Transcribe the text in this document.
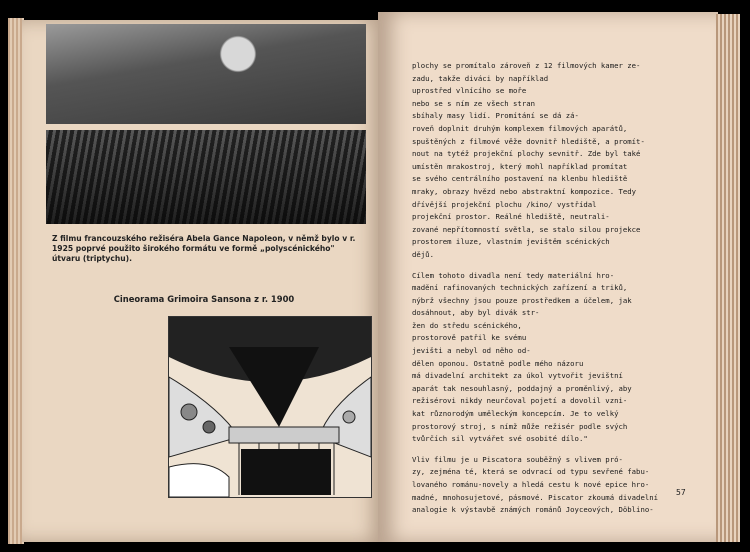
Z filmu francouzského režiséra Abela Gance Napoleon, v němž bylo v r. 1925 poprvé použito širokého formátu ve formě „polyscénického" útvaru (triptychu).
Cineorama Grimoira Sansona z r. 1900

plochy se promítalo zároveň z 12 filmových kamer ze-

zadu, takže diváci by například

uprostřed vlnícího se moře

nebo se s ním ze všech stran

sbíhaly masy lidí. Promítání se dá zá-

roveň doplnit druhým komplexem filmových aparátů,

spuštěných z filmové věže dovnitř hlediště, a promít-

nout na tytéž projekční plochy sevnitř. Zde byl také

umístěn mrakostroj, který mohl například promítat

se svého centrálního postavení na klenbu hlediště

mraky, obrazy hvězd nebo abstraktní kompozice. Tedy

dřívější projekční plochu /kino/ vystřídal

projekční prostor. Reálné hlediště, neutrali-

zované nepřítomností světla, se stalo silou projekce

prostorem iluze, vlastním jevištěm scénických

dějů.

Cílem tohoto divadla není tedy materiální hro-

madění rafinovaných technických zařízení a triků,

nýbrž všechny jsou pouze prostředkem a účelem, jak

dosáhnout, aby byl divák str-

žen do středu scénického,

prostorově patřil ke svému

jevišti a nebyl od něho od-

dělen oponou. Ostatně podle mého názoru

má divadelní architekt za úkol vytvořit jevištní

aparát tak nesouhlasný, poddajný a proměnlivý, aby

režisérovi nikdy neurčoval pojetí a dovolil vzni-

kat různorodým uměleckým koncepcím. Je to velký

prostorový stroj, s nímž může režisér podle svých

tvůrčích sil vytvářet své osobité dílo."

Vliv filmu je u Piscatora souběžný s vlivem pró-

zy, zejména té, která se odvrací od typu sevřené fabu-

lovaného románu-novely a hledá cestu k nové epice hro-

madné, mnohosujetové, pásmové. Piscator zkoumá divadelní

analogie k výstavbě známých románů Joyceových, Döblino-

57
